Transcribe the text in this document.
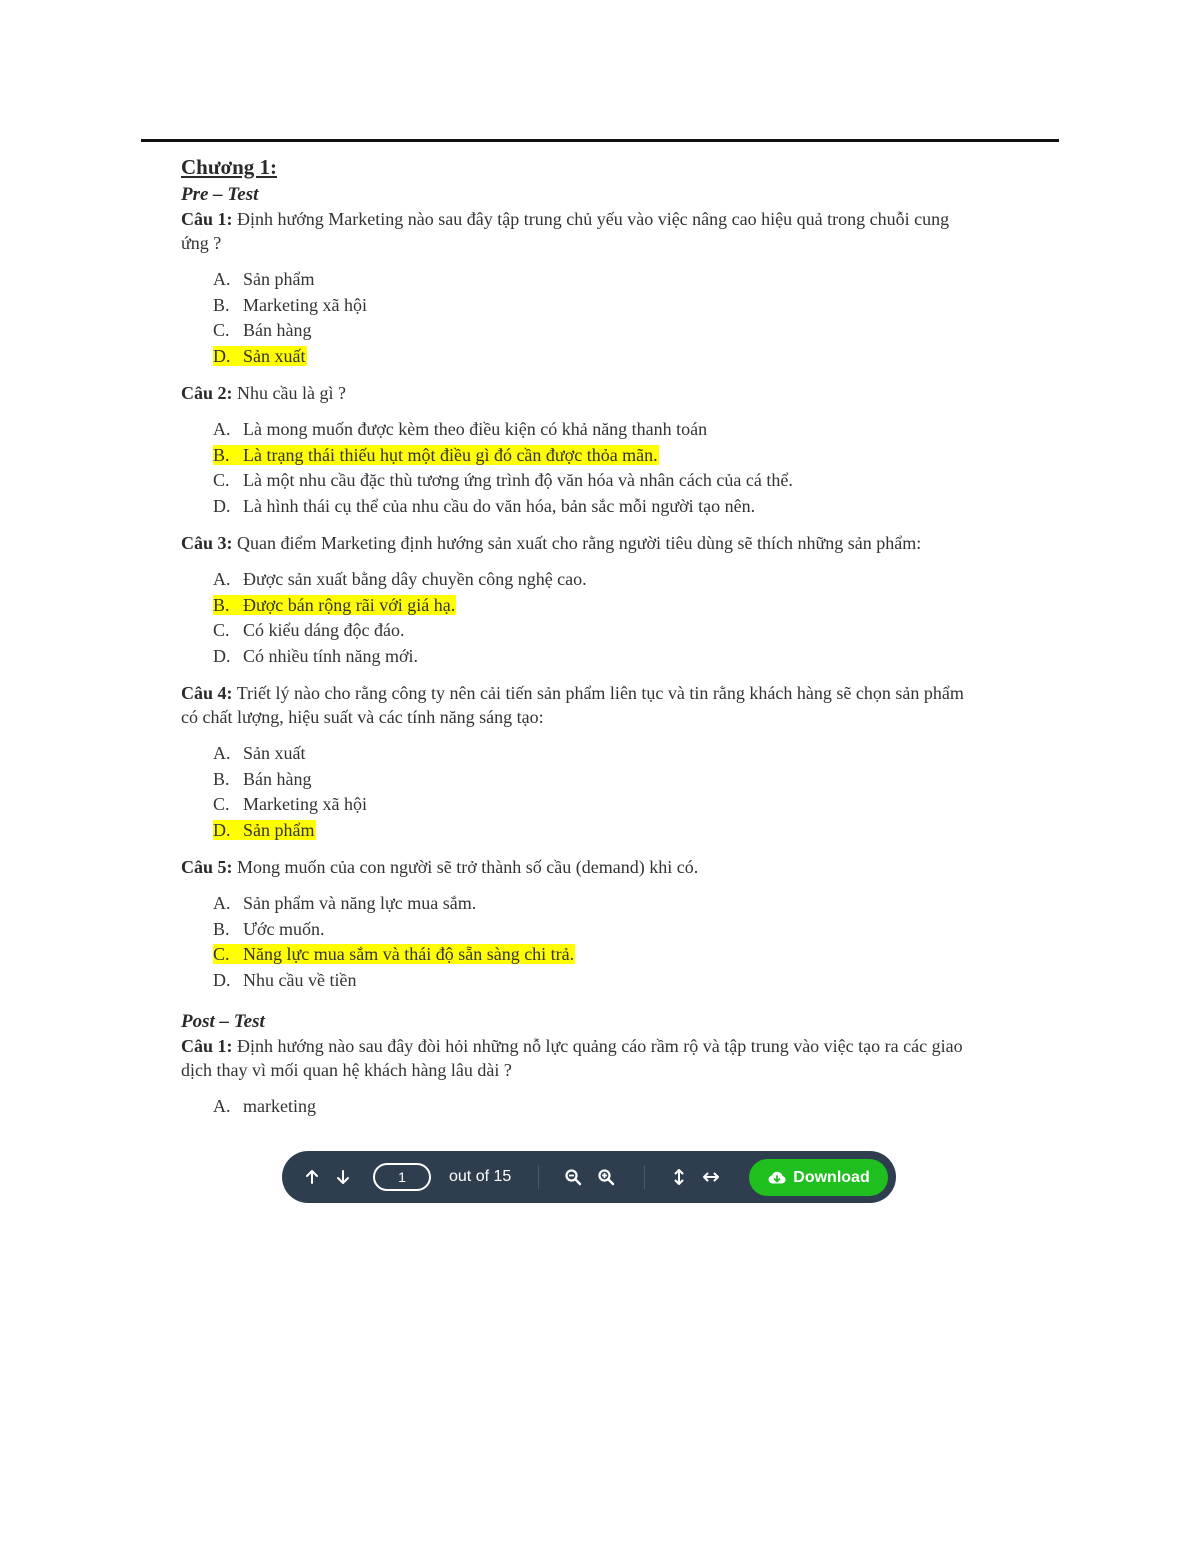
Chương 1:
Pre – Test
Câu 1: Định hướng Marketing nào sau đây tập trung chủ yếu vào việc nâng cao hiệu quả trong chuỗi cung ứng ?
A. Sản phẩm
B. Marketing xã hội
C. Bán hàng
D. Sản xuất
Câu 2: Nhu cầu là gì ?
A. Là mong muốn được kèm theo điều kiện có khả năng thanh toán
B. Là trạng thái thiếu hụt một điều gì đó cần được thỏa mãn.
C. Là một nhu cầu đặc thù tương ứng trình độ văn hóa và nhân cách của cá thể.
D. Là hình thái cụ thể của nhu cầu do văn hóa, bản sắc mỗi người tạo nên.
Câu 3: Quan điểm Marketing định hướng sản xuất cho rằng người tiêu dùng sẽ thích những sản phẩm:
A. Được sản xuất bằng dây chuyền công nghệ cao.
B. Được bán rộng rãi với giá hạ.
C. Có kiểu dáng độc đáo.
D. Có nhiều tính năng mới.
Câu 4: Triết lý nào cho rằng công ty nên cải tiến sản phẩm liên tục và tin rằng khách hàng sẽ chọn sản phẩm có chất lượng, hiệu suất và các tính năng sáng tạo:
A. Sản xuất
B. Bán hàng
C. Marketing xã hội
D. Sản phẩm
Câu 5: Mong muốn của con người sẽ trở thành số cầu (demand) khi có.
A. Sản phẩm và năng lực mua sắm.
B. Ước muốn.
C. Năng lực mua sắm và thái độ sẵn sàng chi trả.
D. Nhu cầu về tiền
Post – Test
Câu 1: Định hướng nào sau đây đòi hỏi những nỗ lực quảng cáo rầm rộ và tập trung vào việc tạo ra các giao dịch thay vì mối quan hệ khách hàng lâu dài ?
A. marketing
1	out of 15	Download
